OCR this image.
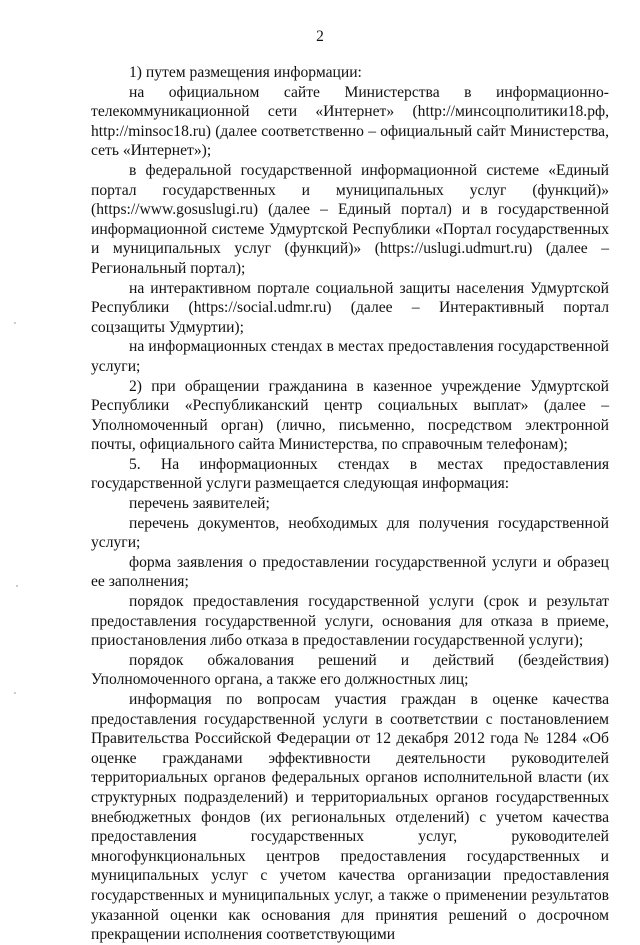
2

1) путем размещения информации:

на официальном сайте Министерства в информационно-телекоммуникационной сети «Интернет» (http://минсоцполитики18.рф, http://minsoc18.ru) (далее соответственно – официальный сайт Министерства, сеть «Интернет»);

в федеральной государственной информационной системе «Единый портал государственных и муниципальных услуг (функций)» (https://www.gosuslugi.ru) (далее – Единый портал) и в государственной информационной системе Удмуртской Республики «Портал государственных и муниципальных услуг (функций)» (https://uslugi.udmurt.ru) (далее – Региональный портал);

на интерактивном портале социальной защиты населения Удмуртской Республики (https://social.udmr.ru) (далее – Интерактивный портал соцзащиты Удмуртии);

на информационных стендах в местах предоставления государственной услуги;

2) при обращении гражданина в казенное учреждение Удмуртской Республики «Республиканский центр социальных выплат» (далее – Уполномоченный орган) (лично, письменно, посредством электронной почты, официального сайта Министерства, по справочным телефонам);

5. На информационных стендах в местах предоставления государственной услуги размещается следующая информация:

перечень заявителей;

перечень документов, необходимых для получения государственной услуги;

форма заявления о предоставлении государственной услуги и образец ее заполнения;

порядок предоставления государственной услуги (срок и результат предоставления государственной услуги, основания для отказа в приеме, приостановления либо отказа в предоставлении государственной услуги);

порядок обжалования решений и действий (бездействия) Уполномоченного органа, а также его должностных лиц;

информация по вопросам участия граждан в оценке качества предоставления государственной услуги в соответствии с постановлением Правительства Российской Федерации от 12 декабря 2012 года № 1284 «Об оценке гражданами эффективности деятельности руководителей территориальных органов федеральных органов исполнительной власти (их структурных подразделений) и территориальных органов государственных внебюджетных фондов (их региональных отделений) с учетом качества предоставления государственных услуг, руководителей многофункциональных центров предоставления государственных и муниципальных услуг с учетом качества организации предоставления государственных и муниципальных услуг, а также о применении результатов указанной оценки как основания для принятия решений о досрочном прекращении исполнения соответствующими
